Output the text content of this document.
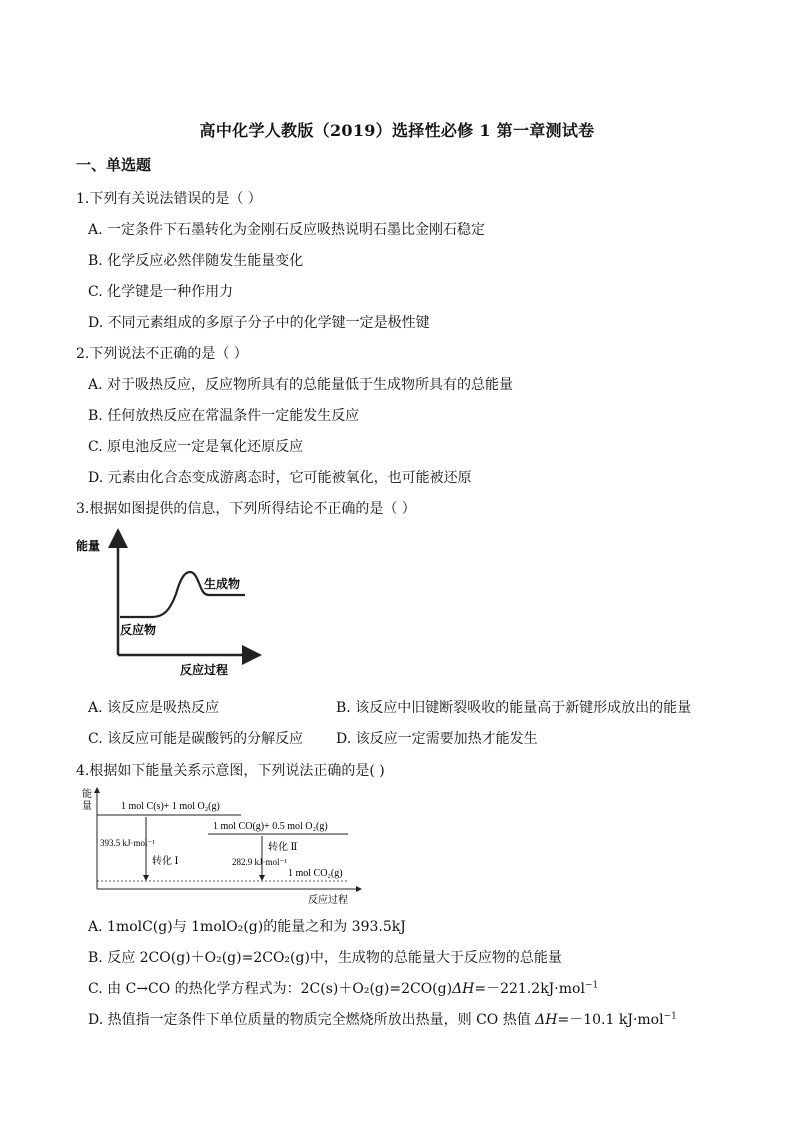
高中化学人教版（2019）选择性必修 1 第一章测试卷
一、单选题
1.下列有关说法错误的是（ ）
A. 一定条件下石墨转化为金刚石反应吸热说明石墨比金刚石稳定
B. 化学反应必然伴随发生能量变化
C. 化学键是一种作用力
D. 不同元素组成的多原子分子中的化学键一定是极性键
2.下列说法不正确的是（ ）
A. 对于吸热反应，反应物所具有的总能量低于生成物所具有的总能量
B. 任何放热反应在常温条件一定能发生反应
C. 原电池反应一定是氧化还原反应
D. 元素由化合态变成游离态时，它可能被氧化，也可能被还原
3.根据如图提供的信息，下列所得结论不正确的是（ ）
能量
生成物
反应物
反应过程
A. 该反应是吸热反应	B. 该反应中旧键断裂吸收的能量高于新键形成放出的能量
C. 该反应可能是碳酸钙的分解反应 D. 该反应一定需要加热才能发生
4.根据如下能量关系示意图，下列说法正确的是( )
能
量	1 mol C(s)+ 1 mol O₂(g)
1 mol CO(g)+ 0.5 mol O₂(g)
1 mol CO₂(g)
393.5 kJ·mol⁻¹
转化 Ⅰ
转化 Ⅱ
282.9 kJ·mol⁻¹
反应过程
A. 1molC(g)与 1molO₂(g)的能量之和为 393.5kJ
B. 反应 2CO(g)＋O₂(g)=2CO₂(g)中，生成物的总能量大于反应物的总能量
C. 由 C→CO 的热化学方程式为：2C(s)＋O₂(g)=2CO(g)ΔH=－221.2kJ·mol$^{-1}$
D. 热值指一定条件下单位质量的物质完全燃烧所放出热量，则 CO 热值 ΔH=－10.1 kJ·mol$^{-1}$
